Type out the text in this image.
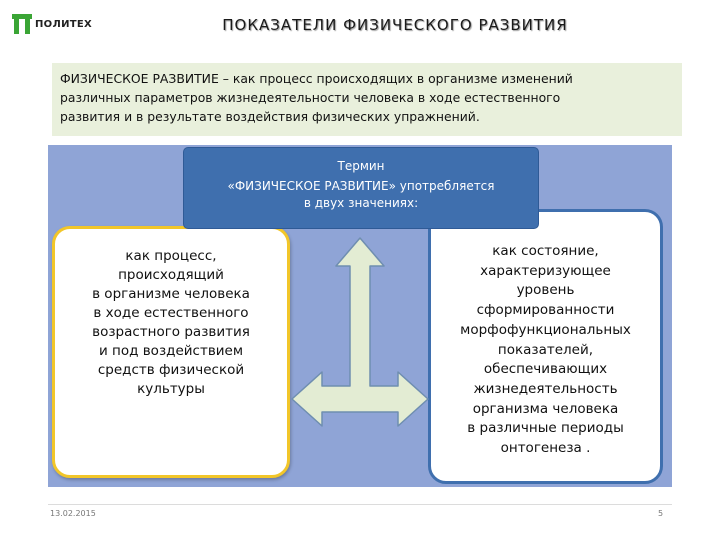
ПОЛИТЕХ	ПОКАЗАТЕЛИ ФИЗИЧЕСКОГО РАЗВИТИЯ
ФИЗИЧЕСКОЕ РАЗВИТИЕ – как процесс происходящих в организме изменений
различных параметров жизнедеятельности человека в ходе естественного
развития и в результате воздействия физических упражнений.
как процесс,
происходящий
в организме человека
в ходе естественного
возрастного развития
и под воздействием
средств физической
культуры
как состояние,
характеризующее
уровень
сформированности
морфофункциональных
показателей,
обеспечивающих
жизнедеятельность
организма человека
в различные периоды
онтогенеза .
Термин
«ФИЗИЧЕСКОЕ РАЗВИТИЕ» употребляется
в двух значениях:
13.02.2015	5
